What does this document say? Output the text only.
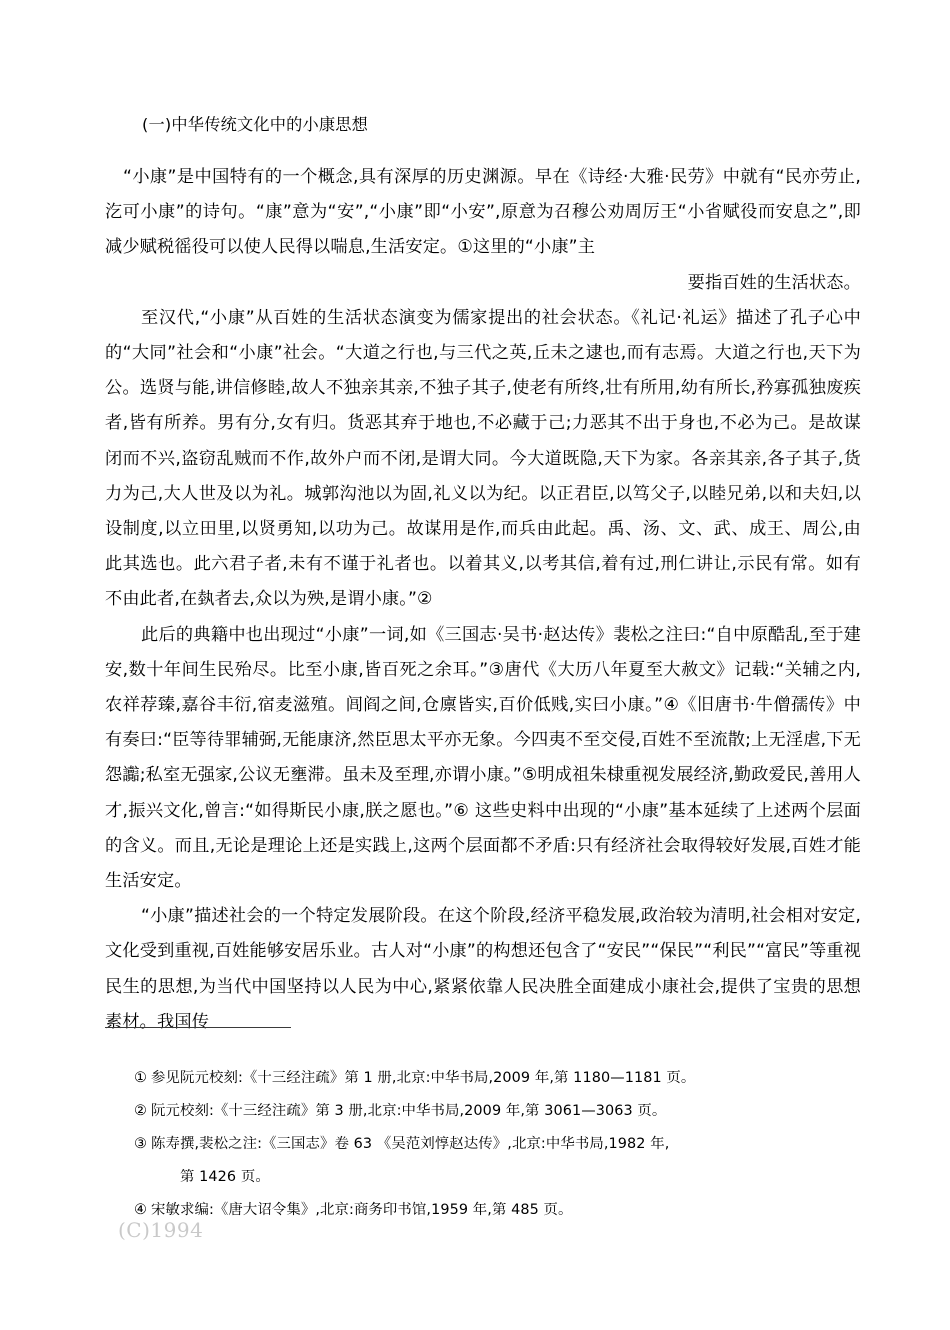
(一)中华传统文化中的小康思想

“小康”是中国特有的一个概念,具有深厚的历史渊源。早在《诗经·大雅·民劳》中就有“民亦劳止,汔可小康”的诗句。“康”意为“安”,“小康”即“小安”,原意为召穆公劝周厉王“小省赋役而安息之”,即减少赋税徭役可以使人民得以喘息,生活安定。①这里的“小康”主

要指百姓的生活状态。

至汉代,“小康”从百姓的生活状态演变为儒家提出的社会状态。《礼记·礼运》描述了孔子心中的“大同”社会和“小康”社会。“大道之行也,与三代之英,丘未之逮也,而有志焉。大道之行也,天下为公。选贤与能,讲信修睦,故人不独亲其亲,不独子其子,使老有所终,壮有所用,幼有所长,矜寡孤独废疾者,皆有所养。男有分,女有归。货恶其弃于地也,不必藏于己;力恶其不出于身也,不必为己。是故谋闭而不兴,盗窃乱贼而不作,故外户而不闭,是谓大同。今大道既隐,天下为家。各亲其亲,各子其子,货力为己,大人世及以为礼。城郭沟池以为固,礼义以为纪。以正君臣,以笃父子,以睦兄弟,以和夫妇,以设制度,以立田里,以贤勇知,以功为己。故谋用是作,而兵由此起。禹、汤、文、武、成王、周公,由此其选也。此六君子者,未有不谨于礼者也。以着其义,以考其信,着有过,刑仁讲让,示民有常。如有不由此者,在埶者去,众以为殃,是谓小康。”②

此后的典籍中也出现过“小康”一词,如《三国志·吴书·赵达传》裴松之注曰:“自中原酷乱,至于建安,数十年间生民殆尽。比至小康,皆百死之余耳。”③唐代《大历八年夏至大赦文》记载:“关辅之内,农祥荐臻,嘉谷丰衍,宿麦滋殖。闾阎之间,仓廪皆实,百价低贱,实曰小康。”④《旧唐书·牛僧孺传》中有奏曰:“臣等待罪辅弼,无能康济,然臣思太平亦无象。今四夷不至交侵,百姓不至流散;上无淫虐,下无怨讟;私室无强家,公议无壅滞。虽未及至理,亦谓小康。”⑤明成祖朱棣重视发展经济,勤政爱民,善用人才,振兴文化,曾言:“如得斯民小康,朕之愿也。”⑥ 这些史料中出现的“小康”基本延续了上述两个层面的含义。而且,无论是理论上还是实践上,这两个层面都不矛盾:只有经济社会取得较好发展,百姓才能生活安定。

“小康”描述社会的一个特定发展阶段。在这个阶段,经济平稳发展,政治较为清明,社会相对安定,文化受到重视,百姓能够安居乐业。古人对“小康”的构想还包含了“安民”“保民”“利民”“富民”等重视民生的思想,为当代中国坚持以人民为中心,紧紧依靠人民决胜全面建成小康社会,提供了宝贵的思想素材。我国传

① 参见阮元校刻:《十三经注疏》第 1 册,北京:中华书局,2009 年,第 1180—1181 页。
② 阮元校刻:《十三经注疏》第 3 册,北京:中华书局,2009 年,第 3061—3063 页。
③ 陈寿撰,裴松之注:《三国志》卷 63 《吴范刘惇赵达传》,北京:中华书局,1982 年,
第 1426 页。
④ 宋敏求编:《唐大诏令集》,北京:商务印书馆,1959 年,第 485 页。
(C)1994
